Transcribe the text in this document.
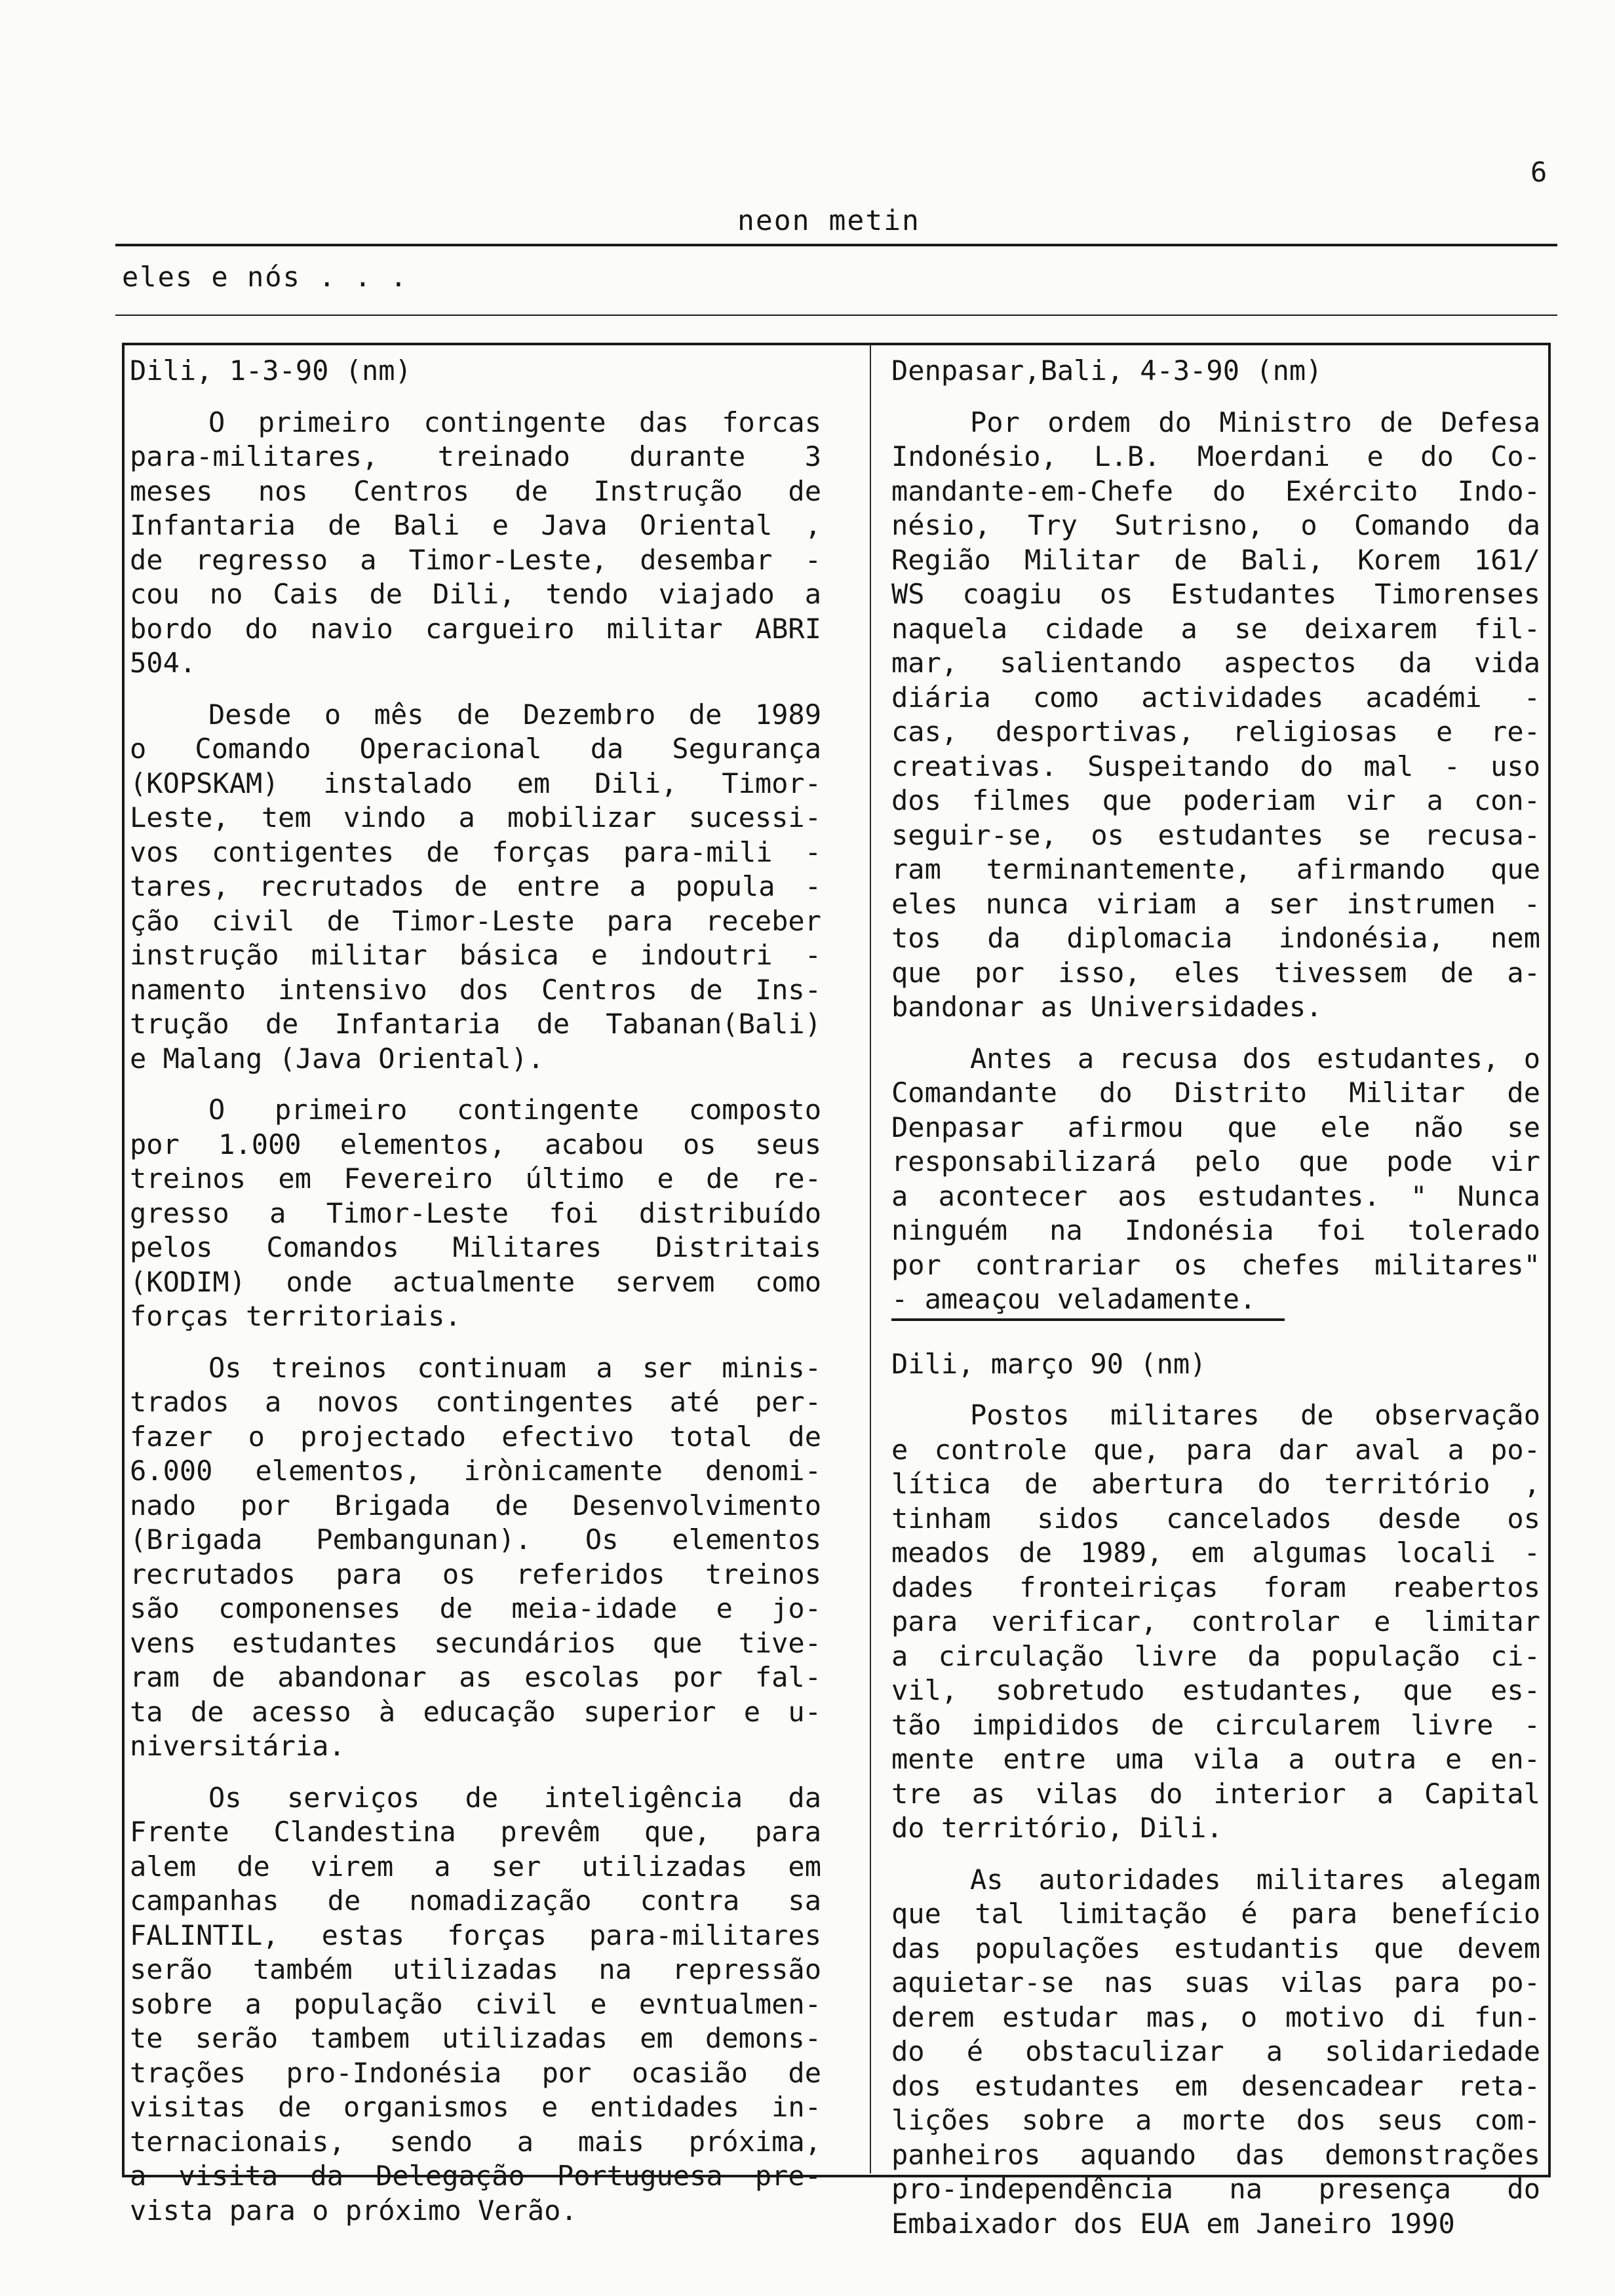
6
neon metin
eles e nós . . .

Dili, 1-3-90 (nm)

O primeiro contingente das forcas
para-militares, treinado durante 3
meses nos Centros de Instrução de
Infantaria de Bali e Java Oriental ,
de regresso a Timor-Leste, desembar -
cou no Cais de Dili, tendo viajado a
bordo do navio cargueiro militar ABRI
504.

Desde o mês de Dezembro de 1989
o Comando Operacional da Segurança
(KOPSKAM) instalado em Dili, Timor-
Leste, tem vindo a mobilizar sucessi-
vos contigentes de forças para-mili -
tares, recrutados de entre a popula -
ção civil de Timor-Leste para receber
instrução militar básica e indoutri -
namento intensivo dos Centros de Ins-
trução de Infantaria de Tabanan(Bali)
e Malang (Java Oriental).

O primeiro contingente composto
por 1.000 elementos, acabou os seus
treinos em Fevereiro último e de re-
gresso a Timor-Leste foi distribuído
pelos Comandos Militares Distritais
(KODIM) onde actualmente servem como
forças territoriais.

Os treinos continuam a ser minis-
trados a novos contingentes até per-
fazer o projectado efectivo total de
6.000 elementos, irònicamente denomi-
nado por Brigada de Desenvolvimento
(Brigada Pembangunan). Os elementos
recrutados para os referidos treinos
são componenses de meia-idade e jo-
vens estudantes secundários que tive-
ram de abandonar as escolas por fal-
ta de acesso à educação superior e u-
niversitária.

Os serviços de inteligência da
Frente Clandestina prevêm que, para
alem de virem a ser utilizadas em
campanhas de nomadização contra sa
FALINTIL, estas forças para-militares
serão também utilizadas na repressão
sobre a população civil e evntualmen-
te serão tambem utilizadas em demons-
trações pro-Indonésia por ocasião de
visitas de organismos e entidades in-
ternacionais, sendo a mais próxima,
a visita da Delegação Portuguesa pre-
vista para o próximo Verão.

Denpasar,Bali, 4-3-90 (nm)

Por ordem do Ministro de Defesa
Indonésio, L.B. Moerdani e do Co-
mandante-em-Chefe do Exército Indo-
nésio, Try Sutrisno, o Comando da
Região Militar de Bali, Korem 161/
WS coagiu os Estudantes Timorenses
naquela cidade a se deixarem fil-
mar, salientando aspectos da vida
diária como actividades académi -
cas, desportivas, religiosas e re-
creativas. Suspeitando do mal - uso
dos filmes que poderiam vir a con-
seguir-se, os estudantes se recusa-
ram terminantemente, afirmando que
eles nunca viriam a ser instrumen -
tos da diplomacia indonésia, nem
que por isso, eles tivessem de a-
bandonar as Universidades.

Antes a recusa dos estudantes, o
Comandante do Distrito Militar de
Denpasar afirmou que ele não se
responsabilizará pelo que pode vir
a acontecer aos estudantes. " Nunca
ninguém na Indonésia foi tolerado
por contrariar os chefes militares"
- ameaçou veladamente.

Dili, março 90 (nm)

Postos militares de observação
e controle que, para dar aval a po-
lítica de abertura do território ,
tinham sidos cancelados desde os
meados de 1989, em algumas locali -
dades fronteiriças foram reabertos
para verificar, controlar e limitar
a circulação livre da população ci-
vil, sobretudo estudantes, que es-
tão impididos de circularem livre -
mente entre uma vila a outra e en-
tre as vilas do interior a Capital
do território, Dili.

As autoridades militares alegam
que tal limitação é para benefício
das populações estudantis que devem
aquietar-se nas suas vilas para po-
derem estudar mas, o motivo di fun-
do é obstaculizar a solidariedade
dos estudantes em desencadear reta-
lições sobre a morte dos seus com-
panheiros aquando das demonstrações
pro-independência na presença do
Embaixador dos EUA em Janeiro 1990
